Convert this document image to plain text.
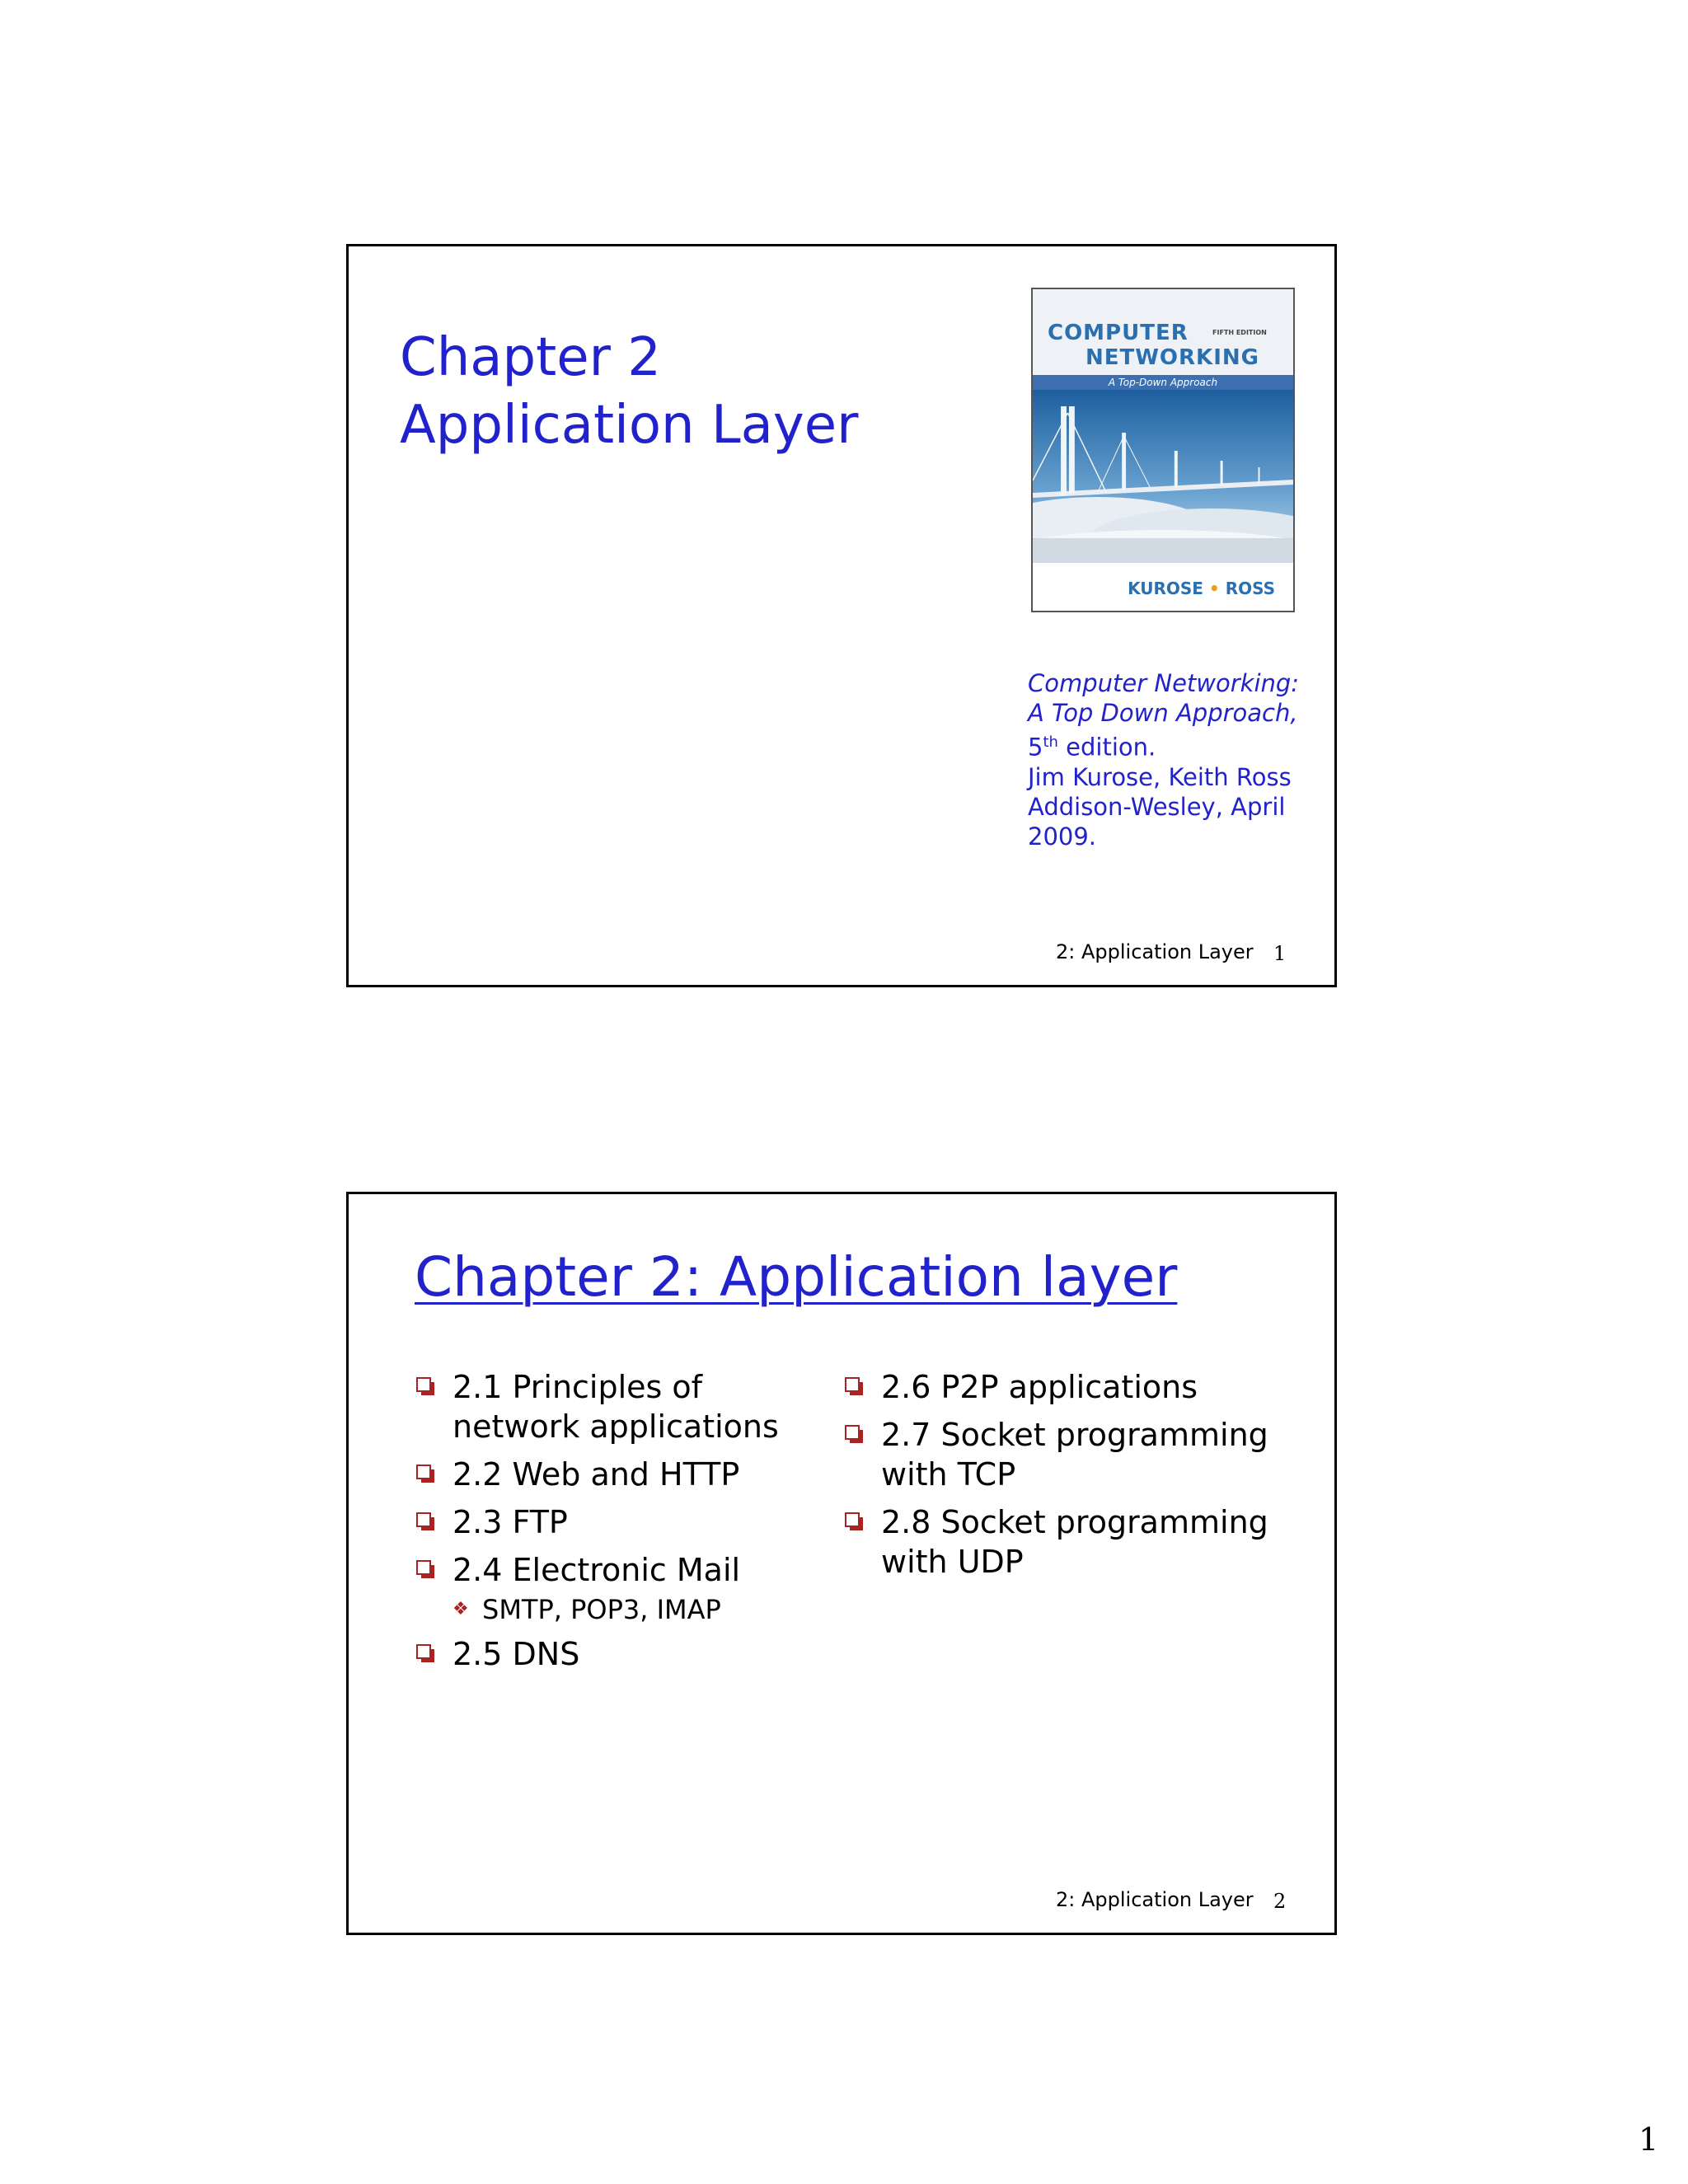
Chapter 2
Application Layer
COMPUTER	FIFTH EDITION
NETWORKING
A Top-Down Approach
KUROSE • ROSS

Computer Networking:

A Top Down Approach,

5th edition.

Jim Kurose, Keith Ross

Addison-Wesley, April

2009.

2: Application Layer 1
Chapter 2: Application layer
2.1 Principles of network applications
2.2 Web and HTTP
2.3 FTP
2.4 Electronic Mail
❖ SMTP, POP3, IMAP
2.5 DNS
2.6 P2P applications
2.7 Socket programming with TCP
2.8 Socket programming with UDP
2: Application Layer 2
1
